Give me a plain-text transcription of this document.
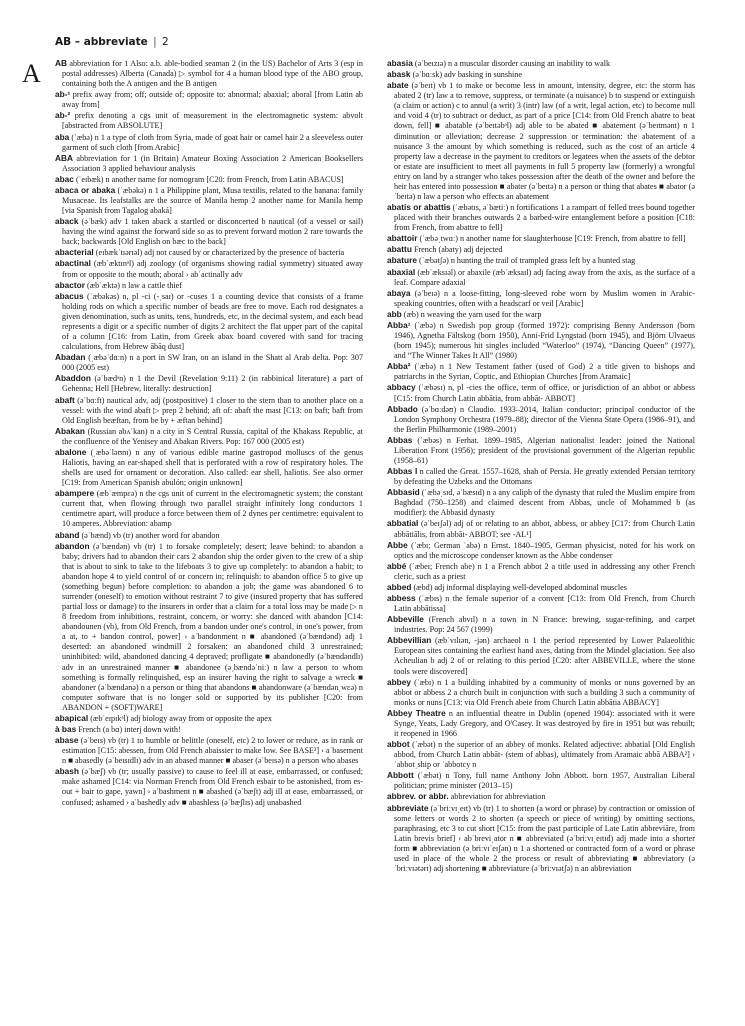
AB – abbreviate | 2
A	AB abbreviation for 1 Also: a.b. able-bodied seaman 2 (in the US) Bachelor of Arts 3 (esp in postal addresses) Alberta (Canada) ▷ symbol for 4 a human blood type of the ABO group, containing both the A antigen and the B antigen

ab-¹ prefix away from; off; outside of; opposite to: abnormal; abaxial; aboral [from Latin ab away from]

ab-² prefix denoting a cgs unit of measurement in the electromagnetic system: abvolt [abstracted from ABSOLUTE]

aba (ˈæbə) n 1 a type of cloth from Syria, made of goat hair or camel hair 2 a sleeveless outer garment of such cloth [from Arabic]

ABA abbreviation for 1 (in Britain) Amateur Boxing Association 2 American Booksellers Association 3 applied behaviour analysis

abac (ˈeɪbæk) n another name for nomogram [C20: from French, from Latin ABACUS]

abaca or abaka (ˈæbəkə) n 1 a Philippine plant, Musa textilis, related to the banana: family Musaceae. Its leafstalks are the source of Manila hemp 2 another name for Manila hemp [via Spanish from Tagalog abaká]

aback (əˈbæk) adv 1 taken aback a startled or disconcerted b nautical (of a vessel or sail) having the wind against the forward side so as to prevent forward motion 2 rare towards the back; backwards [Old English on bæc to the back]

abacterial (eɪbækˈtɪərɪəl) adj not caused by or characterized by the presence of bacteria

abactinal (æbˈæktɪnᵊl) adj zoology (of organisms showing radial symmetry) situated away from or opposite to the mouth; aboral › abˈactinally adv

abactor (æbˈæktə) n law a cattle thief

abacus (ˈæbəkəs) n, pl -ci (-ˌsaɪ) or -cuses 1 a counting device that consists of a frame holding rods on which a specific number of beads are free to move. Each rod designates a given denomination, such as units, tens, hundreds, etc, in the decimal system, and each bead represents a digit or a specific number of digits 2 architect the flat upper part of the capital of a column [C16: from Latin, from Greek abax board covered with sand for tracing calculations, from Hebrew ābāq dust]

Abadan (ˌæbəˈdɑːn) n a port in SW Iran, on an island in the Shatt al Arab delta. Pop: 307 000 (2005 est)

Abaddon (əˈbædᵊn) n 1 the Devil (Revelation 9:11) 2 (in rabbinical literature) a part of Gehenna; Hell [Hebrew, literally: destruction]

abaft (əˈbɑːft) nautical adv, adj (postpositive) 1 closer to the stern than to another place on a vessel: with the wind abaft ▷ prep 2 behind; aft of: abaft the mast [C13: on baft; baft from Old English beæftan, from be by + æftan behind]

Abakan (Russian abʌˈkan) n a city in S Central Russia, capital of the Khakass Republic, at the confluence of the Yenisey and Abakan Rivers. Pop: 167 000 (2005 est)

abalone (ˌæbəˈləʊnɪ) n any of various edible marine gastropod molluscs of the genus Haliotis, having an ear-shaped shell that is perforated with a row of respiratory holes. The shells are used for ornament or decoration. Also called: ear shell, haliotis. See also ormer [C19: from American Spanish abulón; origin unknown]

abampere (æbˈæmpɛə) n the cgs unit of current in the electromagnetic system; the constant current that, when flowing through two parallel straight infinitely long conductors 1 centimetre apart, will produce a force between them of 2 dynes per centimetre: equivalent to 10 amperes. Abbreviation: abamp

aband (əˈbænd) vb (tr) another word for abandon

abandon (əˈbændən) vb (tr) 1 to forsake completely; desert; leave behind: to abandon a baby; drivers had to abandon their cars 2 abandon ship the order given to the crew of a ship that is about to sink to take to the lifeboats 3 to give up completely: to abandon a habit; to abandon hope 4 to yield control of or concern in; relinquish: to abandon office 5 to give up (something begun) before completion: to abandon a job; the game was abandoned 6 to surrender (oneself) to emotion without restraint 7 to give (insured property that has suffered partial loss or damage) to the insurers in order that a claim for a total loss may be made ▷ n 8 freedom from inhibitions, restraint, concern, or worry: she danced with abandon [C14: abandounen (vb), from Old French, from a bandon under one's control, in one's power, from a at, to + bandon control, power] › aˈbandonment n ■ abandoned (əˈbændənd) adj 1 deserted: an abandoned windmill 2 forsaken: an abandoned child 3 unrestrained; uninhibited: wild, abandoned dancing 4 depraved; profligate ■ abandonedly (əˈbændəndlɪ) adv in an unrestrained manner ■ abandonee (əˌbændəˈniː) n law a person to whom something is formally relinquished, esp an insurer having the right to salvage a wreck ■ abandoner (əˈbændənə) n a person or thing that abandons ■ abandonware (əˈbændənˌwɛə) n computer software that is no longer sold or supported by its publisher [C20: from ABANDON + (SOFT)WARE]

abapical (æbˈeɪpɪkᵊl) adj biology away from or opposite the apex

à bas French (a bɑ) interj down with!

abase (əˈbeɪs) vb (tr) 1 to humble or belittle (oneself, etc) 2 to lower or reduce, as in rank or estimation [C15: abessen, from Old French abaissier to make low. See BASE²] › aˈbasement n ■ abasedly (əˈbeɪsɪdlɪ) adv in an abased manner ■ abaser (əˈbeɪsə) n a person who abases

abash (əˈbæʃ) vb (tr; usually passive) to cause to feel ill at ease, embarrassed, or confused; make ashamed [C14: via Norman French from Old French esbair to be astonished, from es- out + bair to gape, yawn] › aˈbashment n ■ abashed (əˈbæʃt) adj ill at ease, embarrassed, or confused; ashamed › aˈbashedly adv ■ abashless (əˈbæʃlɪs) adj unabashed

abasia (əˈbeɪzɪə) n a muscular disorder causing an inability to walk

abask (əˈbɑːsk) adv basking in sunshine

abate (əˈbeɪt) vb 1 to make or become less in amount, intensity, degree, etc: the storm has abated 2 (tr) law a to remove, suppress, or terminate (a nuisance) b to suspend or extinguish (a claim or action) c to annul (a writ) 3 (intr) law (of a writ, legal action, etc) to become null and void 4 (tr) to subtract or deduct, as part of a price [C14: from Old French abatre to beat down, fell] ■ abatable (əˈbeɪtəbᵊl) adj able to be abated ■ abatement (əˈbeɪtmənt) n 1 diminution or alleviation; decrease 2 suppression or termination: the abatement of a nuisance 3 the amount by which something is reduced, such as the cost of an article 4 property law a decrease in the payment to creditors or legatees when the assets of the debtor or estate are insufficient to meet all payments in full 5 property law (formerly) a wrongful entry on land by a stranger who takes possession after the death of the owner and before the heir has entered into possession ■ abater (əˈbeɪtə) n a person or thing that abates ■ abator (əˈbeɪtə) n law a person who effects an abatement

abatis or abattis (ˈæbətɪs, əˈbætiː) n fortifications 1 a rampart of felled trees bound together placed with their branches outwards 2 a barbed-wire entanglement before a position [C18: from French, from abattre to fell]

abattoir (ˈæbəˌtwɑː) n another name for slaughterhouse [C19: French, from abattre to fell]

abattu French (abaty) adj dejected

abature (ˈæbətʃə) n hunting the trail of trampled grass left by a hunted stag

abaxial (æbˈæksɪəl) or abaxile (æbˈæksaɪl) adj facing away from the axis, as the surface of a leaf. Compare adaxial

abaya (əˈbeɪə) n a loose-fitting, long-sleeved robe worn by Muslim women in Arabic-speaking countries, often with a headscarf or veil [Arabic]

abb (æb) n weaving the yarn used for the warp

Abba¹ (ˈæbə) n Swedish pop group (formed 1972): comprising Benny Andersson (born 1946), Agnetha Fältskog (born 1950), Anni-Frid Lyngstad (born 1945), and Björn Ulvaeus (born 1945); numerous hit singles included “Waterloo” (1974), “Dancing Queen” (1977), and “The Winner Takes It All” (1980)

Abba² (ˈæbə) n 1 New Testament father (used of God) 2 a title given to bishops and patriarchs in the Syrian, Coptic, and Ethiopian Churches [from Aramaic]

abbacy (ˈæbəsɪ) n, pl -cies the office, term of office, or jurisdiction of an abbot or abbess [C15: from Church Latin abbātia, from abbāt- ABBOT]

Abbado (əˈbɑːdəʊ) n Claudio. 1933–2014, Italian conductor; principal conductor of the London Symphony Orchestra (1979–88); director of the Vienna State Opera (1986–91), and the Berlin Philharmonic (1989–2001)

Abbas (ˈæbəs) n Ferhat. 1899–1985, Algerian nationalist leader: joined the National Liberation Front (1956); president of the provisional government of the Algerian republic (1958–61)

Abbas I n called the Great. 1557–1628, shah of Persia. He greatly extended Persian territory by defeating the Uzbeks and the Ottomans

Abbasid (ˈæbəˌsɪd, əˈbæsɪd) n a any caliph of the dynasty that ruled the Muslim empire from Baghdad (750–1258) and claimed descent from Abbas, uncle of Mohammed b (as modifier): the Abbasid dynasty

abbatial (əˈbeɪʃəl) adj of or relating to an abbot, abbess, or abbey [C17: from Church Latin abbātiālis, from abbāt- ABBOT; see -AL¹]

Abbe (ˈæbɪ; German ˈabə) n Ernst. 1840–1905, German physicist, noted for his work on optics and the microscope condenser known as the Abbe condenser

abbé (ˈæbeɪ; French abe) n 1 a French abbot 2 a title used in addressing any other French cleric, such as a priest

abbed (æbd) adj informal displaying well-developed abdominal muscles

abbess (ˈæbɪs) n the female superior of a convent [C13: from Old French, from Church Latin abbātissa]

Abbeville (French abvɪl) n a town in N France: brewing, sugar-refining, and carpet industries. Pop: 24 567 (1999)

Abbevillian (æbˈvɪlɪən, -jən) archaeol n 1 the period represented by Lower Palaeolithic European sites containing the earliest hand axes, dating from the Mindel glaciation. See also Acheulian b adj 2 of or relating to this period [C20: after ABBEVILLE, where the stone tools were discovered]

abbey (ˈæbɪ) n 1 a building inhabited by a community of monks or nuns governed by an abbot or abbess 2 a church built in conjunction with such a building 3 such a community of monks or nuns [C13: via Old French abeie from Church Latin abbātia ABBACY]

Abbey Theatre n an influential theatre in Dublin (opened 1904): associated with it were Synge, Yeats, Lady Gregory, and O'Casey. It was destroyed by fire in 1951 but was rebuilt; it reopened in 1966

abbot (ˈæbət) n the superior of an abbey of monks. Related adjective: abbatial [Old English abbod, from Church Latin abbāt- (stem of abbas), ultimately from Aramaic abbā ABBA²] › ˈabbotˌship or ˈabbotcy n

Abbott (ˈæbət) n Tony, full name Anthony John Abbott. born 1957, Australian Liberal politician; prime minister (2013–15)

abbrev. or abbr. abbreviation for abbreviation

abbreviate (əˈbriːvɪˌeɪt) vb (tr) 1 to shorten (a word or phrase) by contraction or omission of some letters or words 2 to shorten (a speech or piece of writing) by omitting sections, paraphrasing, etc 3 to cut short [C15: from the past participle of Late Latin abbreviāre, from Latin brevis brief] › abˈbreviˌator n ■ abbreviated (əˈbriːvɪˌeɪtɪd) adj made into a shorter form ■ abbreviation (əˌbriːvɪˈeɪʃən) n 1 a shortened or contracted form of a word or phrase used in place of the whole 2 the process or result of abbreviating ■ abbreviatory (əˈbriːvɪətərɪ) adj shortening ■ abbreviature (əˈbriːvɪətʃə) n an abbreviation
